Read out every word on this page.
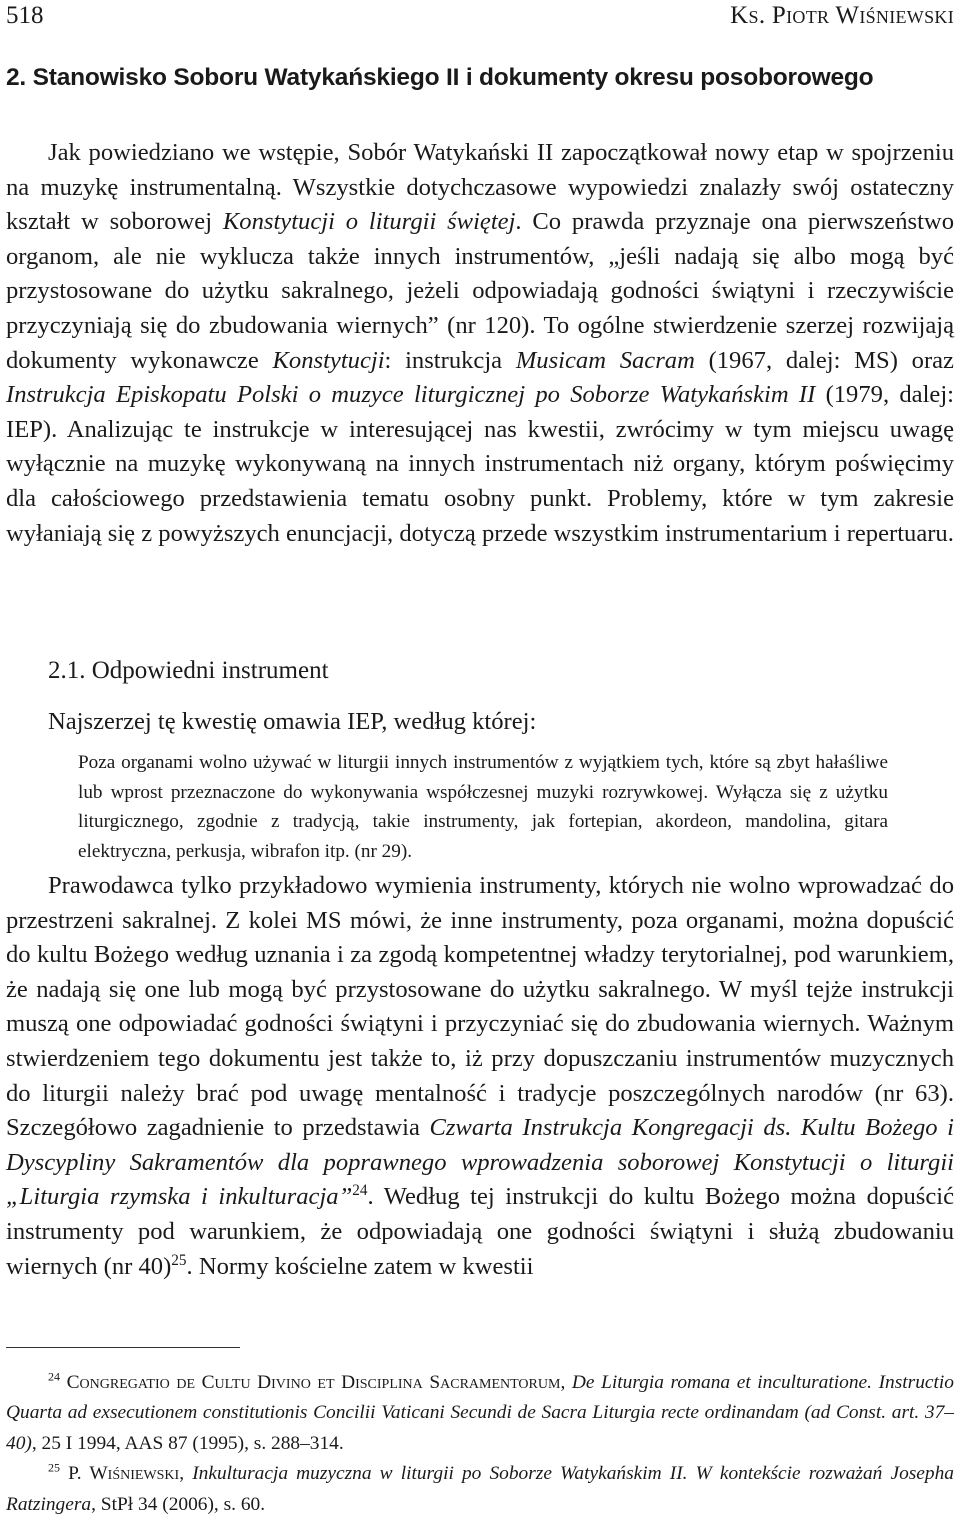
518	Ks. Piotr Wiśniewski
2. Stanowisko Soboru Watykańskiego II i dokumenty okresu posoborowego

Jak powiedziano we wstępie, Sobór Watykański II zapoczątkował nowy etap w spojrzeniu na muzykę instrumentalną. Wszystkie dotychczasowe wypowiedzi znalazły swój ostateczny kształt w soborowej Konstytucji o liturgii świętej. Co prawda przyznaje ona pierwszeństwo organom, ale nie wyklucza także innych instrumentów, „jeśli nadają się albo mogą być przystosowane do użytku sakralnego, jeżeli odpowiadają godności świątyni i rzeczywiście przyczyniają się do zbudowania wiernych” (nr 120). To ogólne stwierdzenie szerzej rozwijają dokumenty wykonawcze Konstytucji: instrukcja Musicam Sacram (1967, dalej: MS) oraz Instrukcja Episkopatu Polski o muzyce liturgicznej po Soborze Watykańskim II (1979, dalej: IEP). Analizując te instrukcje w interesującej nas kwestii, zwrócimy w tym miejscu uwagę wyłącznie na muzykę wykonywaną na innych instrumentach niż organy, którym poświęcimy dla całościowego przedstawienia tematu osobny punkt. Problemy, które w tym zakresie wyłaniają się z powyższych enuncjacji, dotyczą przede wszystkim instrumentarium i repertuaru.

2.1. Odpowiedni instrument

Najszerzej tę kwestię omawia IEP, według której:

Poza organami wolno używać w liturgii innych instrumentów z wyjątkiem tych, które są zbyt hałaśliwe lub wprost przeznaczone do wykonywania współczesnej muzyki rozrywkowej. Wyłącza się z użytku liturgicznego, zgodnie z tradycją, takie instrumenty, jak fortepian, akordeon, mandolina, gitara elektryczna, perkusja, wibrafon itp. (nr 29).

Prawodawca tylko przykładowo wymienia instrumenty, których nie wolno wprowadzać do przestrzeni sakralnej. Z kolei MS mówi, że inne instrumenty, poza organami, można dopuścić do kultu Bożego według uznania i za zgodą kompetentnej władzy terytorialnej, pod warunkiem, że nadają się one lub mogą być przystosowane do użytku sakralnego. W myśl tejże instrukcji muszą one odpowiadać godności świątyni i przyczyniać się do zbudowania wiernych. Ważnym stwierdzeniem tego dokumentu jest także to, iż przy dopuszczaniu instrumentów muzycznych do liturgii należy brać pod uwagę mentalność i tradycje poszczególnych narodów (nr 63). Szczegółowo zagadnienie to przedstawia Czwarta Instrukcja Kongregacji ds. Kultu Bożego i Dyscypliny Sakramentów dla poprawnego wprowadzenia soborowej Konstytucji o liturgii „Liturgia rzymska i inkulturacja”$^{24}$. Według tej instrukcji do kultu Bożego można dopuścić instrumenty pod warunkiem, że odpowiadają one godności świątyni i służą zbudowaniu wiernych (nr 40)$^{25}$. Normy kościelne zatem w kwestii

$^{24}$ Congregatio de Cultu Divino et Disciplina Sacramentorum, De Liturgia romana et inculturatione. Instructio Quarta ad exsecutionem constitutionis Concilii Vaticani Secundi de Sacra Liturgia recte ordinandam (ad Const. art. 37–40), 25 I 1994, AAS 87 (1995), s. 288–314.

$^{25}$ P. Wiśniewski, Inkulturacja muzyczna w liturgii po Soborze Watykańskim II. W kontekście rozważań Josepha Ratzingera, StPł 34 (2006), s. 60.
